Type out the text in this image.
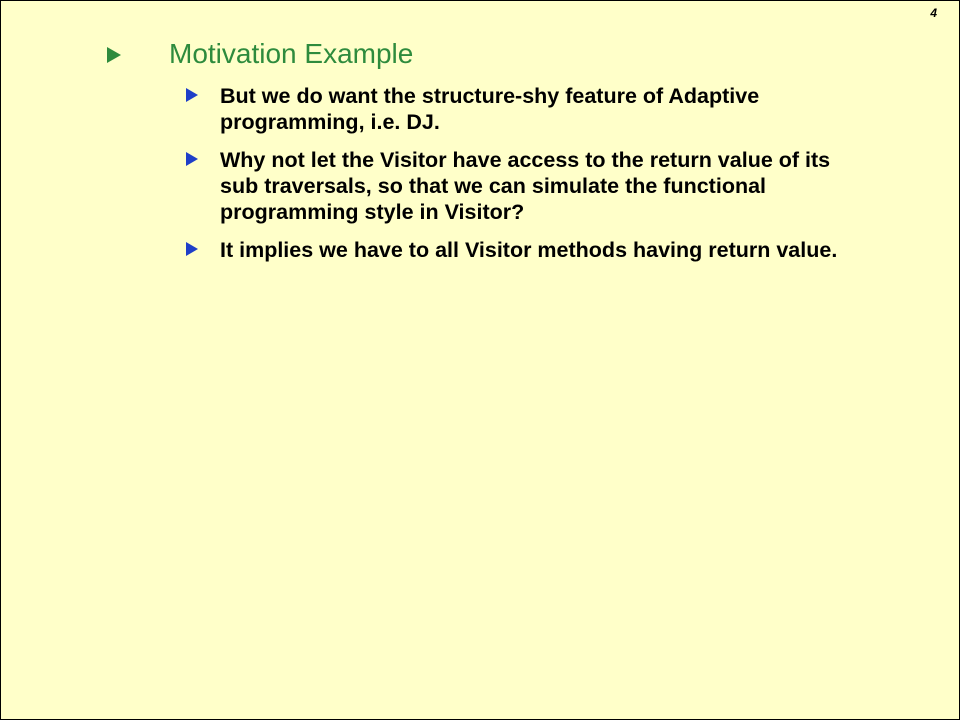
4
Motivation Example
But we do want the structure-shy feature of Adaptive programming, i.e. DJ.
Why not let the Visitor have access to the return value of its sub traversals, so that we can simulate the functional programming style in Visitor?
It implies we have to all Visitor methods having return value.
